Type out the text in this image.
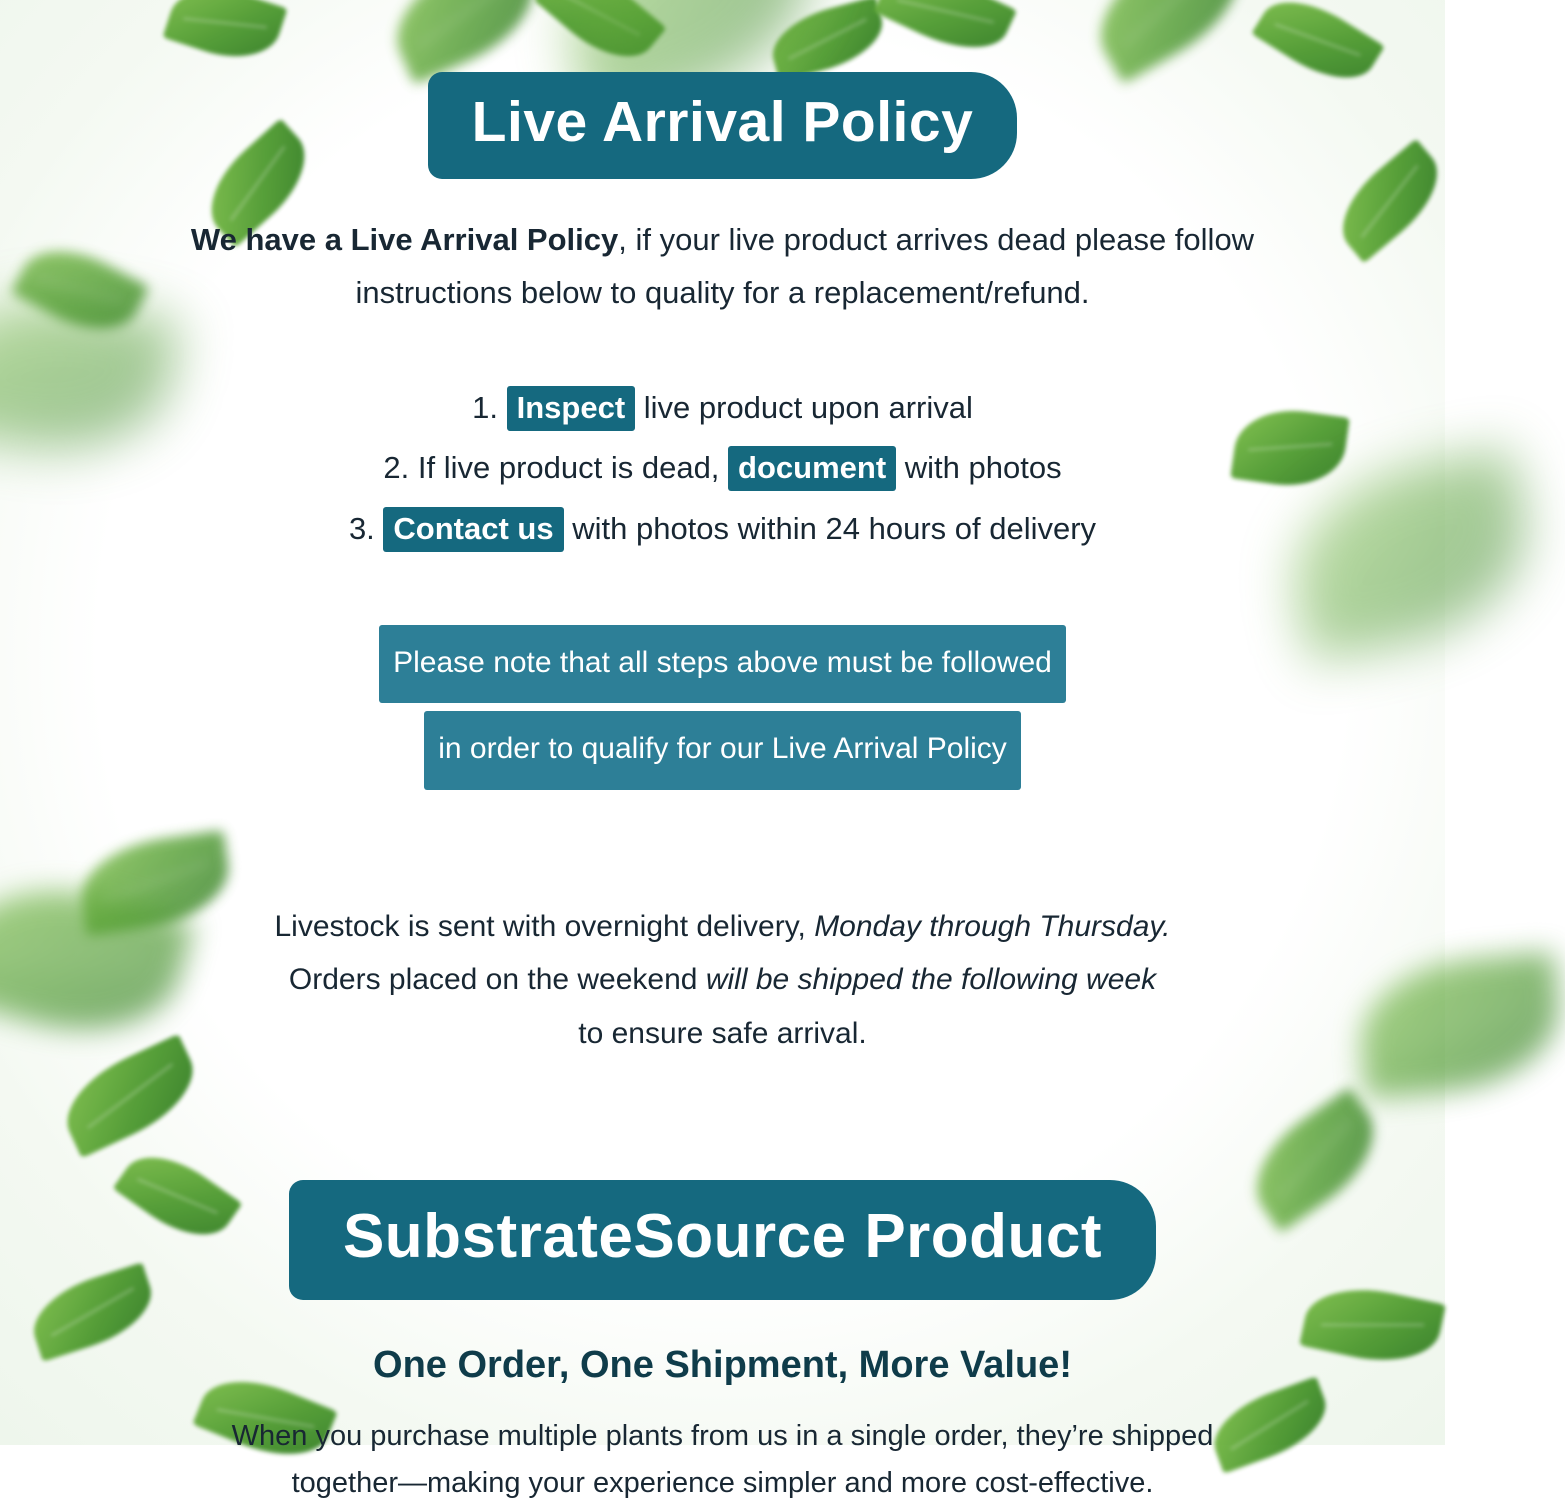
Live Arrival Policy

We have a Live Arrival Policy, if your live product arrives dead please follow instructions below to quality for a replacement/refund.

1. Inspect live product upon arrival
2. If live product is dead, document with photos
3. Contact us with photos within 24 hours of delivery
Please note that all steps above must be followed
in order to qualify for our Live Arrival Policy
Livestock is sent with overnight delivery, Monday through Thursday.
Orders placed on the weekend will be shipped the following week
to ensure safe arrival.
SubstrateSource Product
One Order, One Shipment, More Value!
When you purchase multiple plants from us in a single order, they’re shipped
together—making your experience simpler and more cost-effective.
